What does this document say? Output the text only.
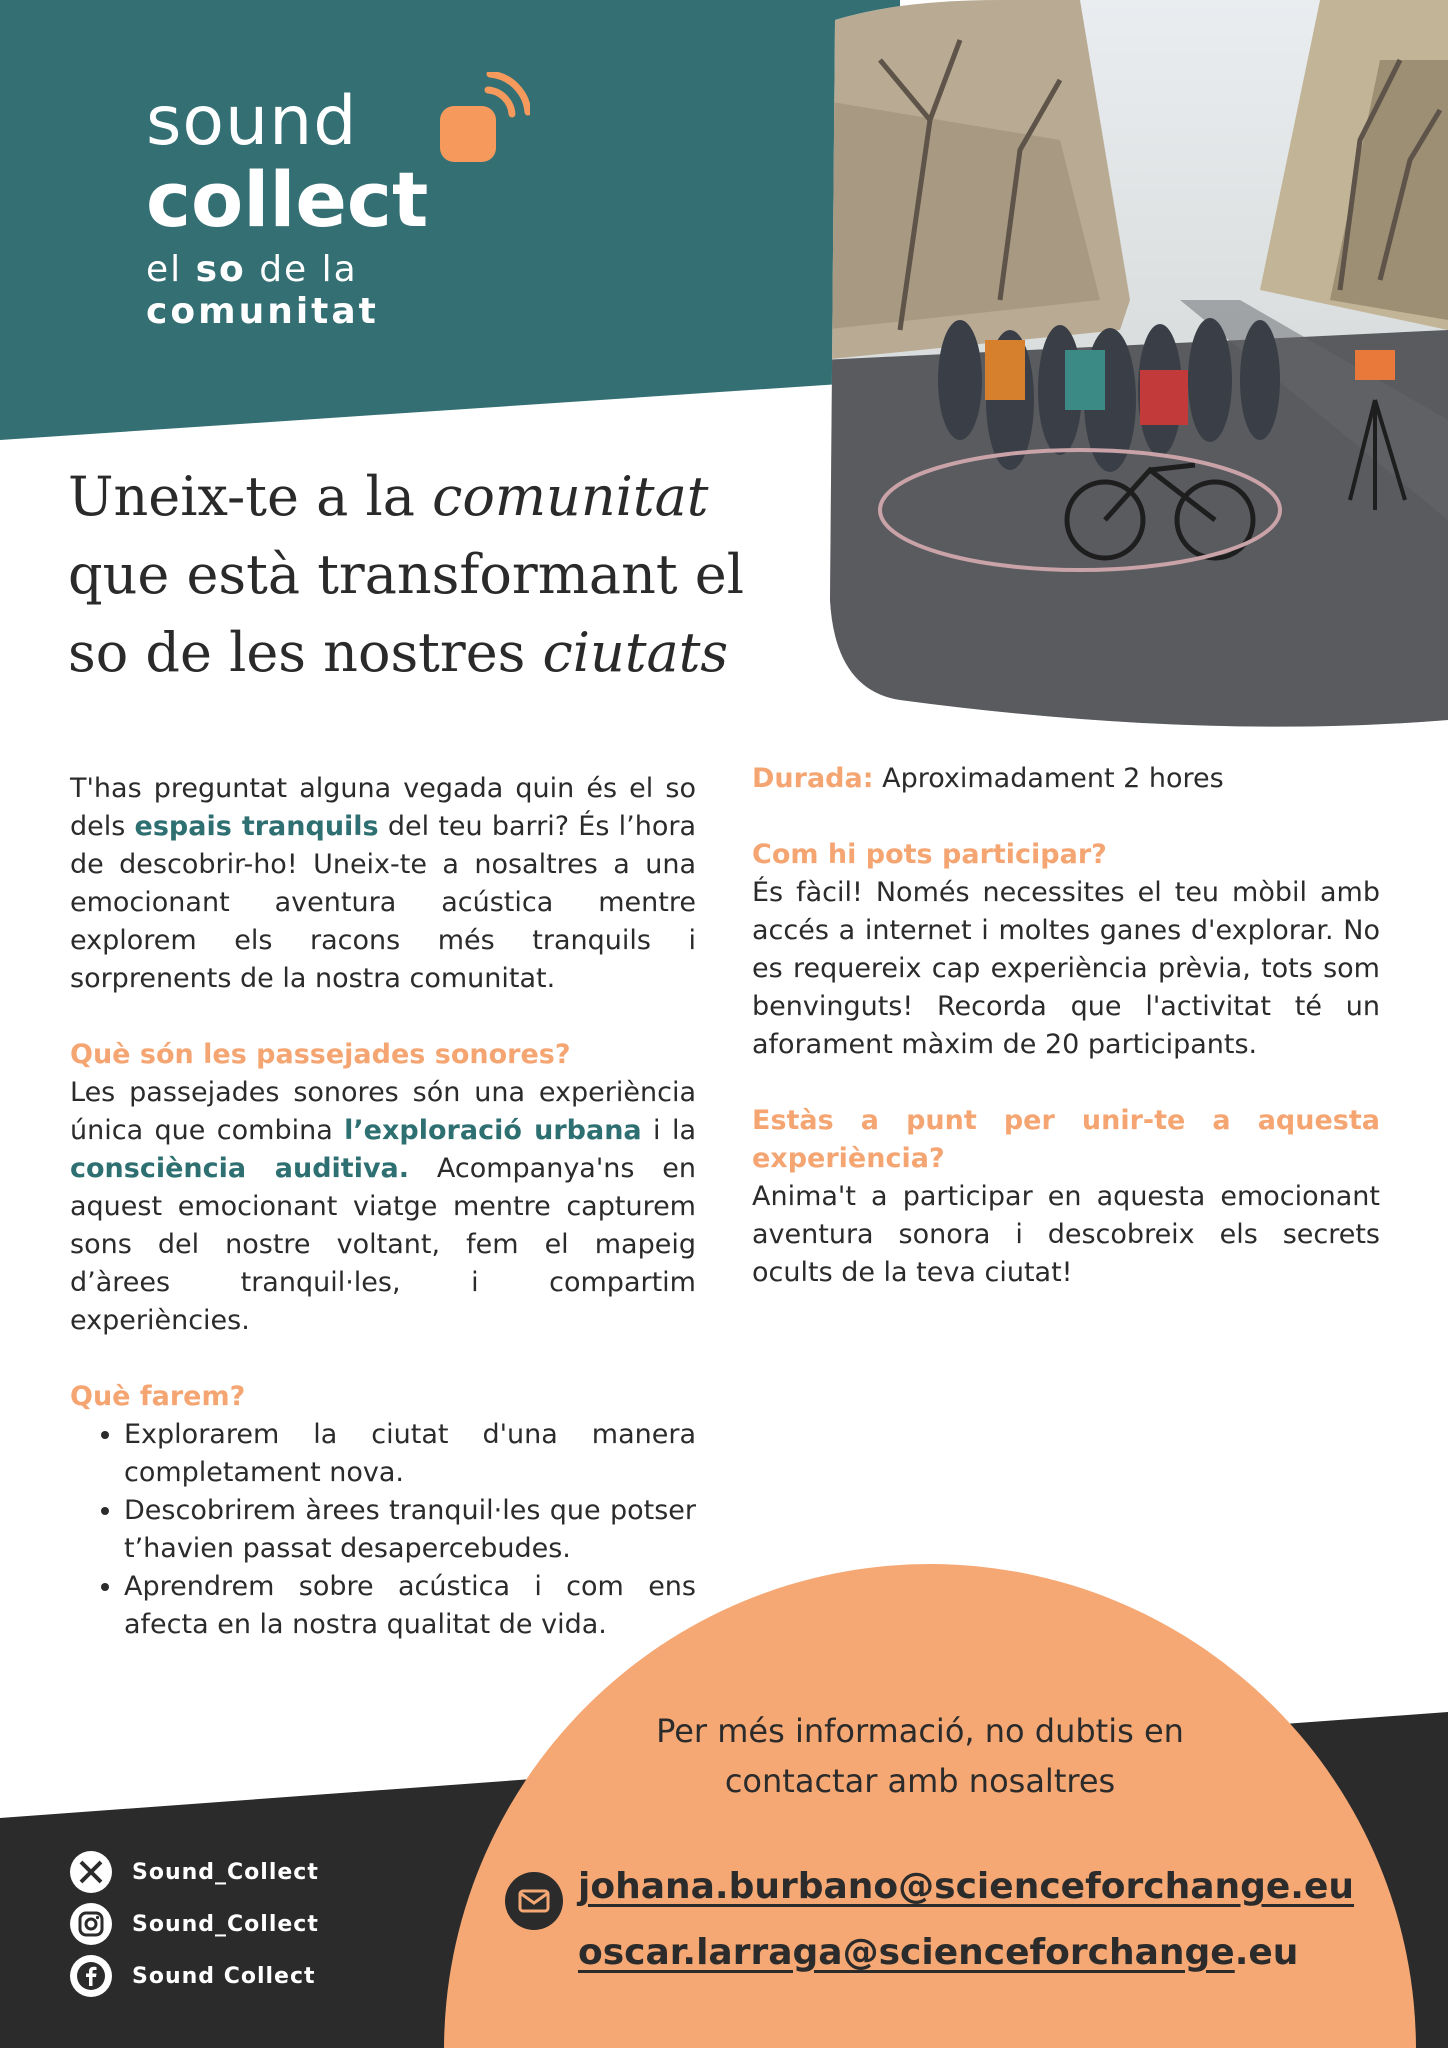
sound
collect
el so de la
comunitat
Uneix-te a la comunitat que està transformant el so de les nostres ciutats

T'has preguntat alguna vegada quin és el so dels espais tranquils del teu barri? És l’hora de descobrir-ho! Uneix-te a nosaltres a una emocionant aventura acústica mentre explorem els racons més tranquils i sorprenents de la nostra comunitat.

Què són les passejades sonores?

Les passejades sonores són una experiència única que combina l’exploració urbana i la consciència auditiva. Acompanya'ns en aquest emocionant viatge mentre capturem sons del nostre voltant, fem el mapeig d’àrees tranquil·les, i compartim experiències.

Què farem?

• Explorarem la ciutat d'una manera completament nova.
• Descobrirem àrees tranquil·les que potser t’havien passat desapercebudes.
• Aprendrem sobre acústica i com ens afecta en la nostra qualitat de vida.

Durada: Aproximadament 2 hores

Com hi pots participar?

És fàcil! Només necessites el teu mòbil amb accés a internet i moltes ganes d'explorar. No es requereix cap experiència prèvia, tots som benvinguts! Recorda que l'activitat té un aforament màxim de 20 participants.

Estàs a punt per unir-te a aquesta experiència?

Anima't a participar en aquesta emocionant aventura sonora i descobreix els secrets ocults de la teva ciutat!

Per més informació, no dubtis en contactar amb nosaltres
johana.burbano@scienceforchange.eu
oscar.larraga@scienceforchange.eu
Sound_Collect
Sound_Collect
Sound Collect
